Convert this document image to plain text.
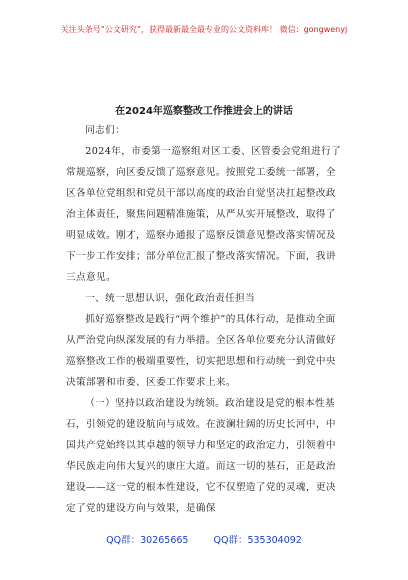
关注头条号“公文研究”，获得最新最全最专业的公文资料库！ 微信：gongwenyj
在2024年巡察整改工作推进会上的讲话

同志们：

2024年，市委第一巡察组对区工委、区管委会党组进行了常规巡察，向区委反馈了巡察意见。按照党工委统一部署，全区各单位党组织和党员干部以高度的政治自觉坚决扛起整改政治主体责任，聚焦问题精准施策，从严从实开展整改，取得了明显成效。刚才，巡察办通报了巡察反馈意见整改落实情况及下一步工作安排；部分单位汇报了整改落实情况。下面，我讲三点意见。

一、统一思想认识，强化政治责任担当

抓好巡察整改是践行“两个维护”的具体行动，是推动全面从严治党向纵深发展的有力举措。全区各单位要充分认清做好巡察整改工作的极端重要性，切实把思想和行动统一到党中央决策部署和市委、区委工作要求上来。

（一）坚持以政治建设为统领。政治建设是党的根本性基石，引领党的建设航向与成效。在波澜壮阔的历史长河中，中国共产党始终以其卓越的领导力和坚定的政治定力，引领着中华民族走向伟大复兴的康庄大道。而这一切的基石，正是政治建设——这一党的根本性建设，它不仅塑造了党的灵魂，更决定了党的建设方向与效果，是确保

QQ群：30265665	QQ群：535304092
